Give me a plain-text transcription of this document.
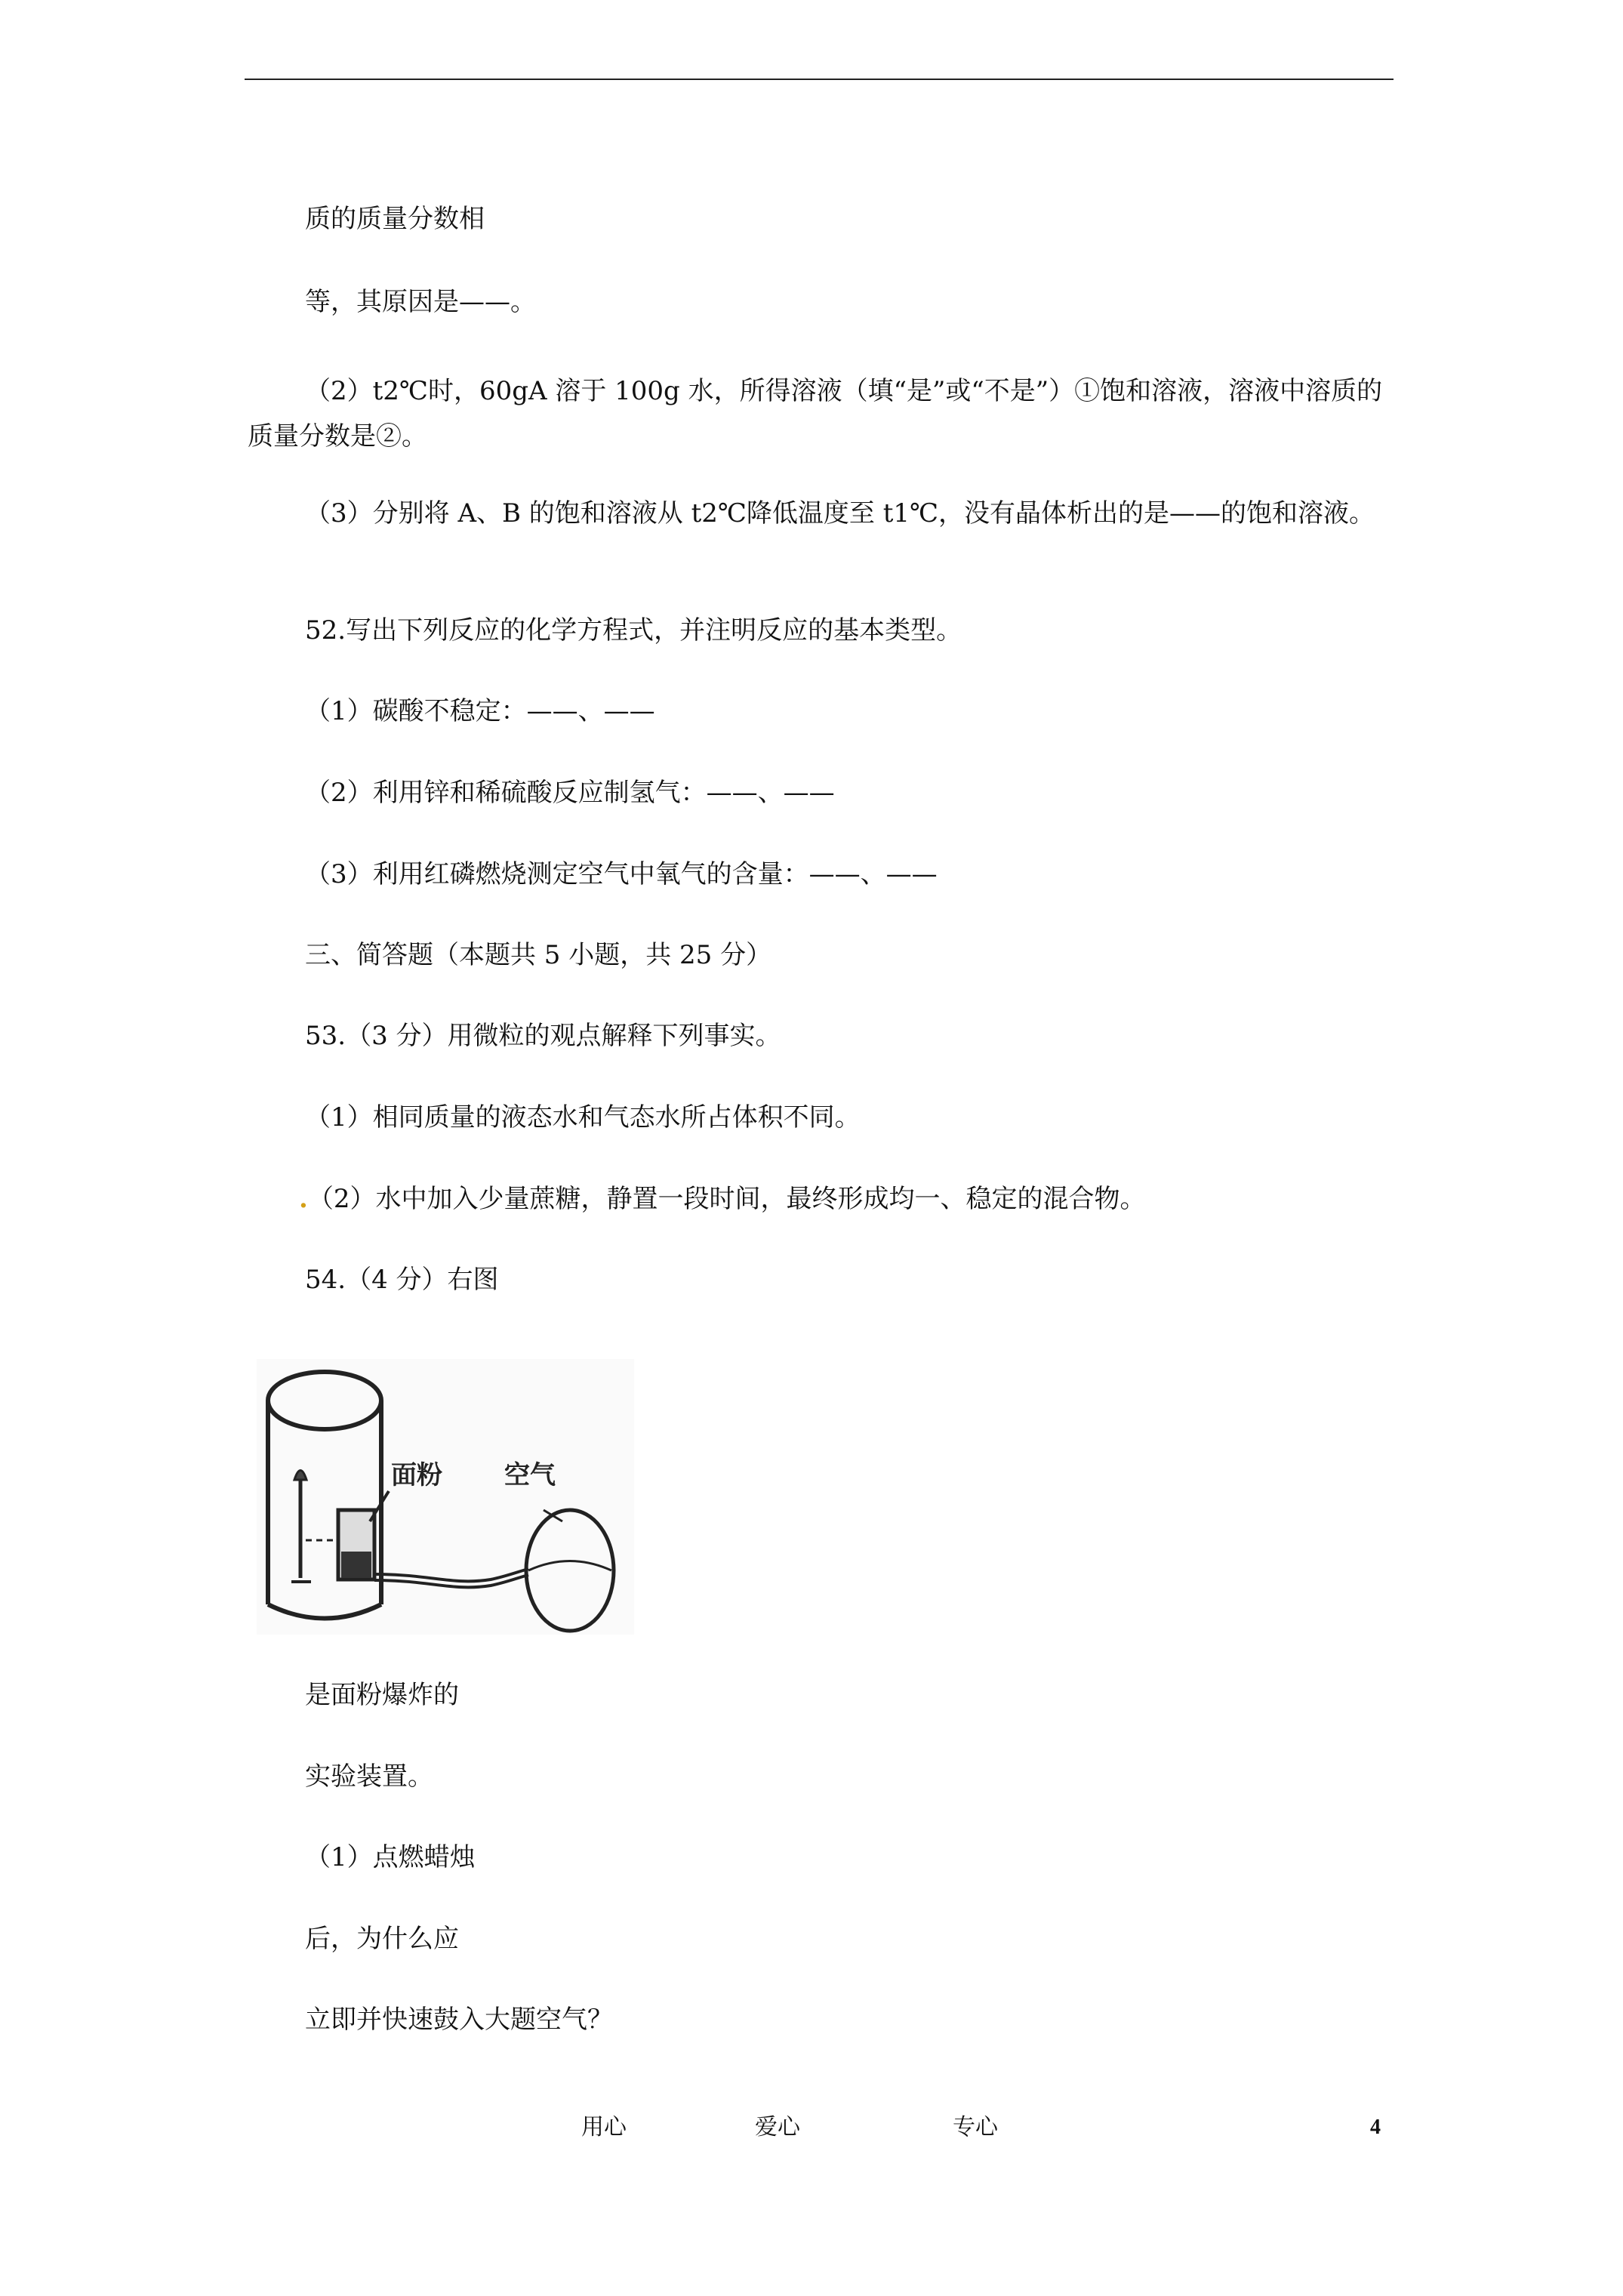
质的质量分数相
等，其原因是——。
（2）t2℃时，60gA 溶于 100g 水，所得溶液（填“是”或“不是”）①饱和溶液，溶液中溶质的质量分数是②。
（3）分别将 A、B 的饱和溶液从 t2℃降低温度至 t1℃，没有晶体析出的是——的饱和溶液。
52.写出下列反应的化学方程式，并注明反应的基本类型。
（1）碳酸不稳定：——、——
（2）利用锌和稀硫酸反应制氢气：——、——
（3）利用红磷燃烧测定空气中氧气的含量：——、——
三、简答题（本题共 5 小题，共 25 分）
53.（3 分）用微粒的观点解释下列事实。
（1）相同质量的液态水和气态水所占体积不同。
.（2）水中加入少量蔗糖，静置一段时间，最终形成均一、稳定的混合物。
54.（4 分）右图
面粉 空气
是面粉爆炸的
实验装置。
（1）点燃蜡烛
后，为什么应
立即并快速鼓入大题空气？
用心	爱心	专心	4
